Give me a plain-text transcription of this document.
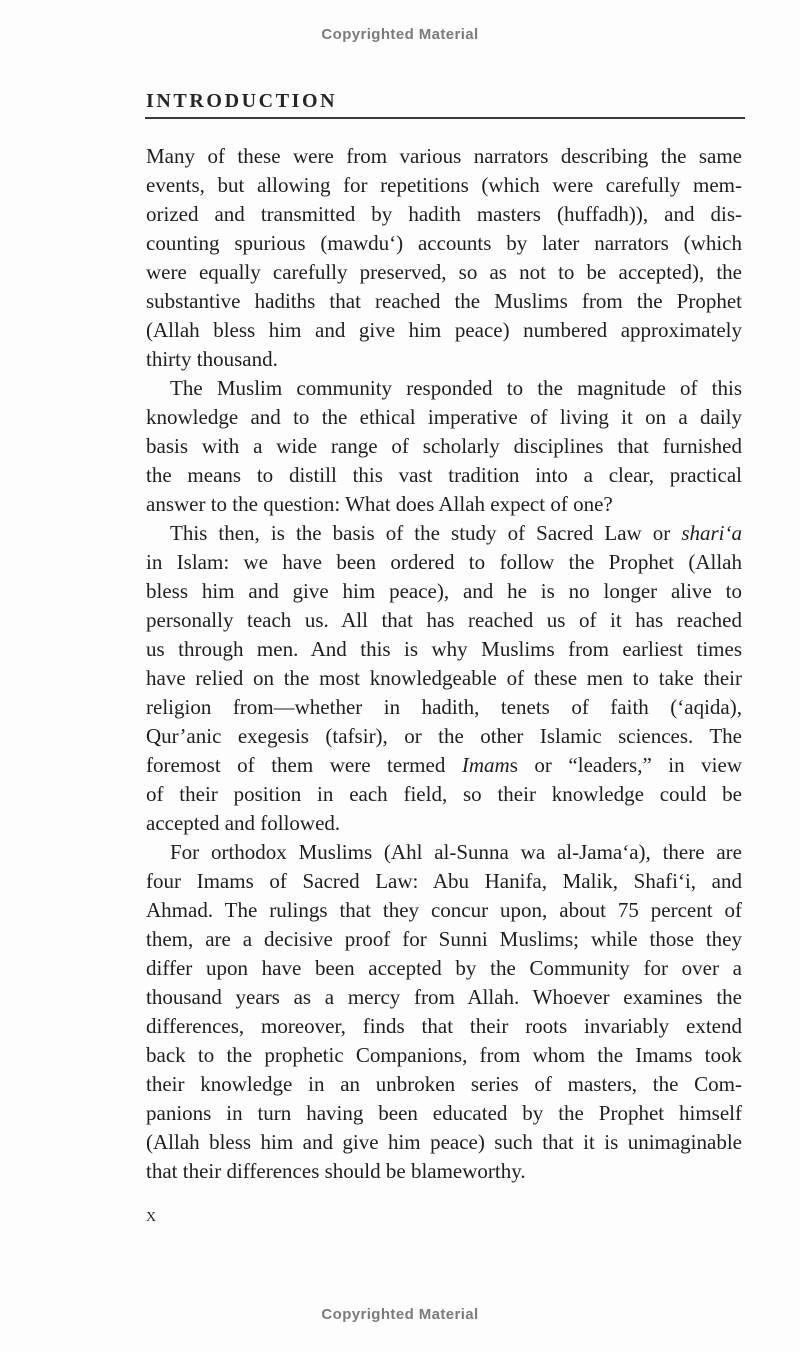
Copyrighted Material
INTRODUCTION
Many of these were from various narrators describing the same
events, but allowing for repetitions (which were carefully mem-
orized and transmitted by hadith masters (huffadh)), and dis-
counting spurious (mawdu‘) accounts by later narrators (which
were equally carefully preserved, so as not to be accepted), the
substantive hadiths that reached the Muslims from the Prophet
(Allah bless him and give him peace) numbered approximately
thirty thousand.
The Muslim community responded to the magnitude of this
knowledge and to the ethical imperative of living it on a daily
basis with a wide range of scholarly disciplines that furnished
the means to distill this vast tradition into a clear, practical
answer to the question: What does Allah expect of one?
This then, is the basis of the study of Sacred Law or shari‘a
in Islam: we have been ordered to follow the Prophet (Allah
bless him and give him peace), and he is no longer alive to
personally teach us. All that has reached us of it has reached
us through men. And this is why Muslims from earliest times
have relied on the most knowledgeable of these men to take their
religion from—whether in hadith, tenets of faith (‘aqida),
Qur’anic exegesis (tafsir), or the other Islamic sciences. The
foremost of them were termed Imams or “leaders,” in view
of their position in each field, so their knowledge could be
accepted and followed.
For orthodox Muslims (Ahl al-Sunna wa al-Jama‘a), there are
four Imams of Sacred Law: Abu Hanifa, Malik, Shafi‘i, and
Ahmad. The rulings that they concur upon, about 75 percent of
them, are a decisive proof for Sunni Muslims; while those they
differ upon have been accepted by the Community for over a
thousand years as a mercy from Allah. Whoever examines the
differences, moreover, finds that their roots invariably extend
back to the prophetic Companions, from whom the Imams took
their knowledge in an unbroken series of masters, the Com-
panions in turn having been educated by the Prophet himself
(Allah bless him and give him peace) such that it is unimaginable
that their differences should be blameworthy.
x
Copyrighted Material
